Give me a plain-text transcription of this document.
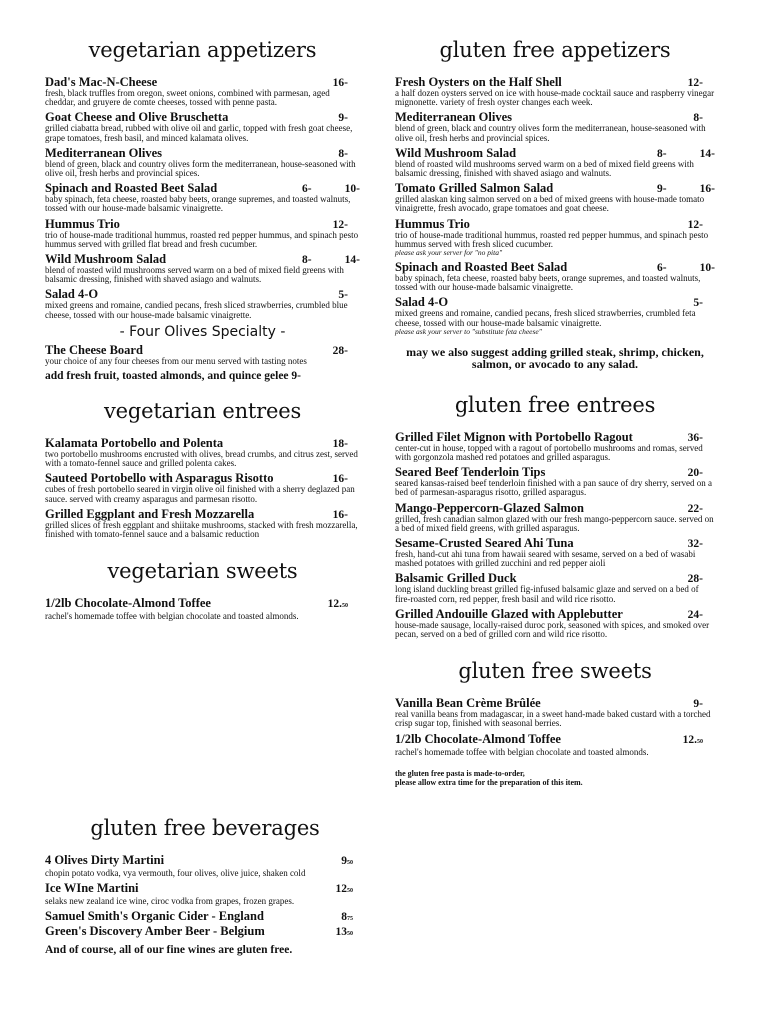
vegetarian appetizers
Dad's Mac-N-Cheese	16-
fresh, black truffles from oregon, sweet onions, combined with parmesan, aged cheddar, and gruyere de comte cheeses, tossed with penne pasta.
Goat Cheese and Olive Bruschetta	9-
grilled ciabatta bread, rubbed with olive oil and garlic, topped with fresh goat cheese, grape tomatoes, fresh basil, and minced kalamata olives.
Mediterranean Olives	8-
blend of green, black and country olives form the mediterranean, house-seasoned with olive oil, fresh herbs and provincial spices.
Spinach and Roasted Beet Salad	6-	10-
baby spinach, feta cheese, roasted baby beets, orange supremes, and toasted walnuts, tossed with our house-made balsamic vinaigrette.
Hummus Trio	12-
trio of house-made traditional hummus, roasted red pepper hummus, and spinach pesto hummus served with grilled flat bread and fresh cucumber.
Wild Mushroom Salad	8-	14-
blend of roasted wild mushrooms served warm on a bed of mixed field greens with balsamic dressing, finished with shaved asiago and walnuts.
Salad 4-O	5-
mixed greens and romaine, candied pecans, fresh sliced strawberries, crumbled blue cheese, tossed with our house-made balsamic vinaigrette.
- Four Olives Specialty -
The Cheese Board	28-
your choice of any four cheeses from our menu served with tasting notes
add fresh fruit, toasted almonds, and quince gelee 9-
vegetarian entrees
Kalamata Portobello and Polenta	18-
two portobello mushrooms encrusted with olives, bread crumbs, and citrus zest, served with a tomato-fennel sauce and grilled polenta cakes.
Sauteed Portobello with Asparagus Risotto	16-
cubes of fresh portobello seared in virgin olive oil finished with a sherry deglazed pan sauce. served with creamy asparagus and parmesan risotto.
Grilled Eggplant and Fresh Mozzarella	16-
grilled slices of fresh eggplant and shiitake mushrooms, stacked with fresh mozzarella, finished with tomato-fennel sauce and a balsamic reduction
vegetarian sweets
1/2lb Chocolate-Almond Toffee	12.50
rachel's homemade toffee with belgian chocolate and toasted almonds.
gluten free appetizers
Fresh Oysters on the Half Shell	12-
a half dozen oysters served on ice with house-made cocktail sauce and raspberry vinegar mignonette. variety of fresh oyster changes each week.
Mediterranean Olives	8-
blend of green, black and country olives form the mediterranean, house-seasoned with olive oil, fresh herbs and provincial spices.
Wild Mushroom Salad	8-	14-
blend of roasted wild mushrooms served warm on a bed of mixed field greens with balsamic dressing, finished with shaved asiago and walnuts.
Tomato Grilled Salmon Salad	9-	16-
grilled alaskan king salmon served on a bed of mixed greens with house-made tomato vinaigrette, fresh avocado, grape tomatoes and goat cheese.
Hummus Trio	12-
trio of house-made traditional hummus, roasted red pepper hummus, and spinach pesto hummus served with fresh sliced cucumber.
please ask your server for "no pita"
Spinach and Roasted Beet Salad	6-	10-
baby spinach, feta cheese, roasted baby beets, orange supremes, and toasted walnuts, tossed with our house-made balsamic vinaigrette.
Salad 4-O	5-
mixed greens and romaine, candied pecans, fresh sliced strawberries, crumbled feta cheese, tossed with our house-made balsamic vinaigrette.
please ask your server to "substitute feta cheese"
may we also suggest adding grilled steak, shrimp, chicken, salmon, or avocado to any salad.
gluten free entrees
Grilled Filet Mignon with Portobello Ragout	36-
center-cut in house, topped with a ragout of portobello mushrooms and romas, served with gorgonzola mashed red potatoes and grilled asparagus.
Seared Beef Tenderloin Tips	20-
seared kansas-raised beef tenderloin finished with a pan sauce of dry sherry, served on a bed of parmesan-asparagus risotto, grilled asparagus.
Mango-Peppercorn-Glazed Salmon	22-
grilled, fresh canadian salmon glazed with our fresh mango-peppercorn sauce. served on a bed of mixed field greens, with grilled asparagus.
Sesame-Crusted Seared Ahi Tuna	32-
fresh, hand-cut ahi tuna from hawaii seared with sesame, served on a bed of wasabi mashed potatoes with grilled zucchini and red pepper aioli
Balsamic Grilled Duck	28-
long island duckling breast grilled fig-infused balsamic glaze and served on a bed of fire-roasted corn, red pepper, fresh basil and wild rice risotto.
Grilled Andouille Glazed with Applebutter	24-
house-made sausage, locally-raised duroc pork, seasoned with spices, and smoked over pecan, served on a bed of grilled corn and wild rice risotto.
gluten free sweets
Vanilla Bean Crème Brûlée	9-
real vanilla beans from madagascar, in a sweet hand-made baked custard with a torched crisp sugar top, finished with seasonal berries.
1/2lb Chocolate-Almond Toffee	12.50
rachel's homemade toffee with belgian chocolate and toasted almonds.
the gluten free pasta is made-to-order,
please allow extra time for the preparation of this item.
gluten free beverages
4 Olives Dirty Martini	950
chopin potato vodka, vya vermouth, four olives, olive juice, shaken cold
Ice WIne Martini	1250
selaks new zealand ice wine, ciroc vodka from grapes, frozen grapes.
Samuel Smith's Organic Cider - England	875
Green's Discovery Amber Beer - Belgium	1350
And of course, all of our fine wines are gluten free.
